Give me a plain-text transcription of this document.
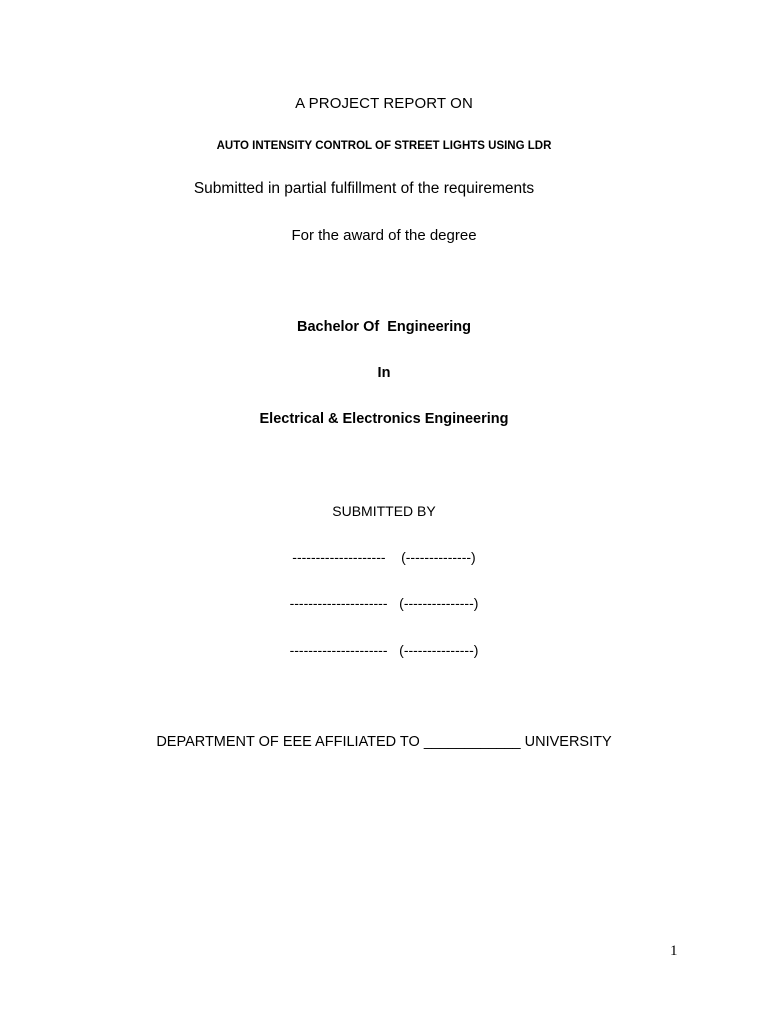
A PROJECT REPORT ON
AUTO INTENSITY CONTROL OF STREET LIGHTS USING LDR
Submitted in partial fulfillment of the requirements
For the award of the degree
Bachelor Of  Engineering
In
Electrical & Electronics Engineering
SUBMITTED BY
--------------------    (--------------)
---------------------   (---------------)
---------------------   (---------------)
DEPARTMENT OF EEE AFFILIATED TO ____________ UNIVERSITY
1
